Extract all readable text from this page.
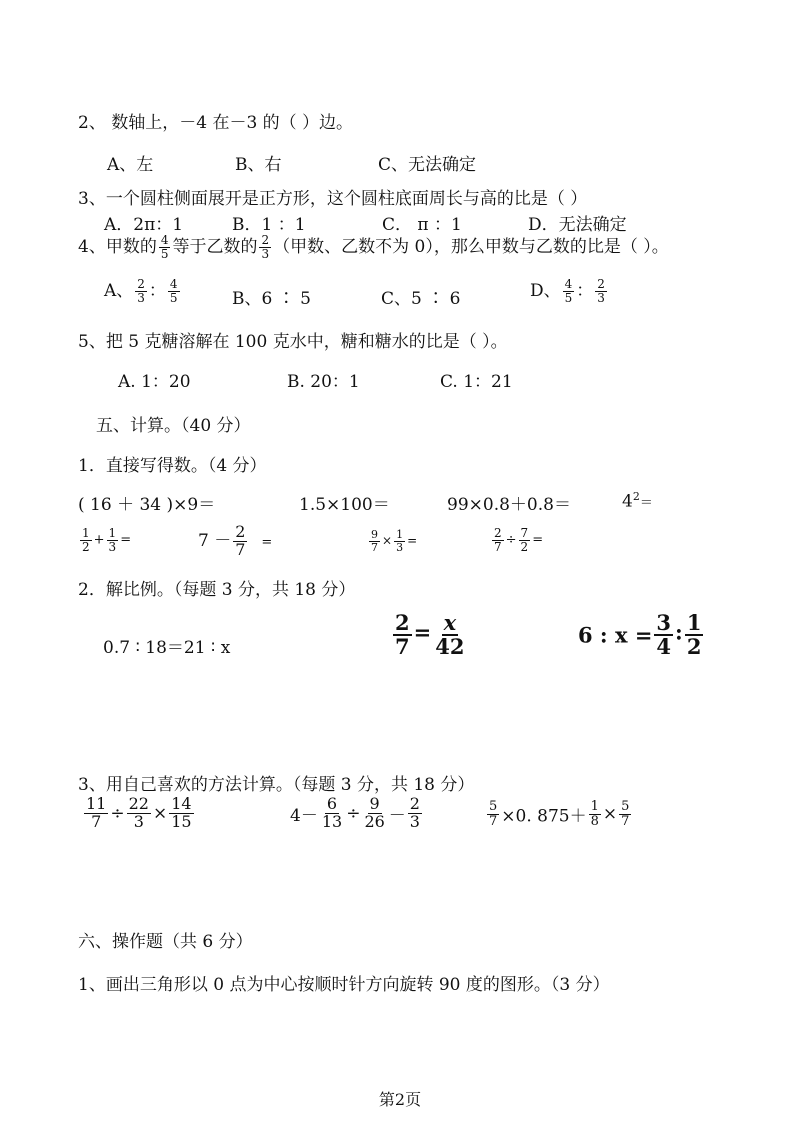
2、 数轴上，－4 在－3 的（ ）边。
A、左	B、右	C、无法确定
3、一个圆柱侧面展开是正方形，这个圆柱底面周长与高的比是（ ）
A．2π：1	B．1 ：1	C． π ：1	D．无法确定
4、甲数的 $\frac{4}{5}$ 等于乙数的 $\frac{2}{3}$ （甲数、乙数不为 0），那么甲数与乙数的比是（ ）。
A、 $\frac{2}{3}$ ： $\frac{4}{5}$	B、6 ∶ 5	C、5 ∶ 6	D、 $\frac{4}{5}$ ： $\frac{2}{3}$
5、把 5 克糖溶解在 100 克水中，糖和糖水的比是（ ）。
A. 1：20	B. 20：1	C. 1：21
五、计算。（40 分）
1．直接写得数。（4 分）
( 16 ＋ 34 )×9＝	1.5×100＝	99×0.8＋0.8＝	$4^2=$
$\frac{1}{2} + \frac{1}{3}$ =	$7 - \frac{2}{7}$ =	$\frac{9}{7} \times \frac{1}{3}$ =	$\frac{2}{7} \div \frac{7}{2}$ =
2．解比例。（每题 3 分，共 18 分）
0.7 ∶ 18＝21 ∶ x	$\frac{2}{7} = \frac{x}{42}$	6 : $x = \frac{3}{4}$ : $\frac{1}{2}$
3、用自己喜欢的方法计算。（每题 3 分，共 18 分）
$\frac{11}{7} \div \frac{22}{3} \times \frac{14}{15}$	$4- \frac{6}{13} \div \frac{9}{26} - \frac{2}{3}$	$\frac{5}{7} \times 0$. $875+ \frac{1}{8} \times \frac{5}{7}$
六、操作题（共 6 分）
1、画出三角形以 0 点为中心按顺时针方向旋转 90 度的图形。（3 分）
第2页
